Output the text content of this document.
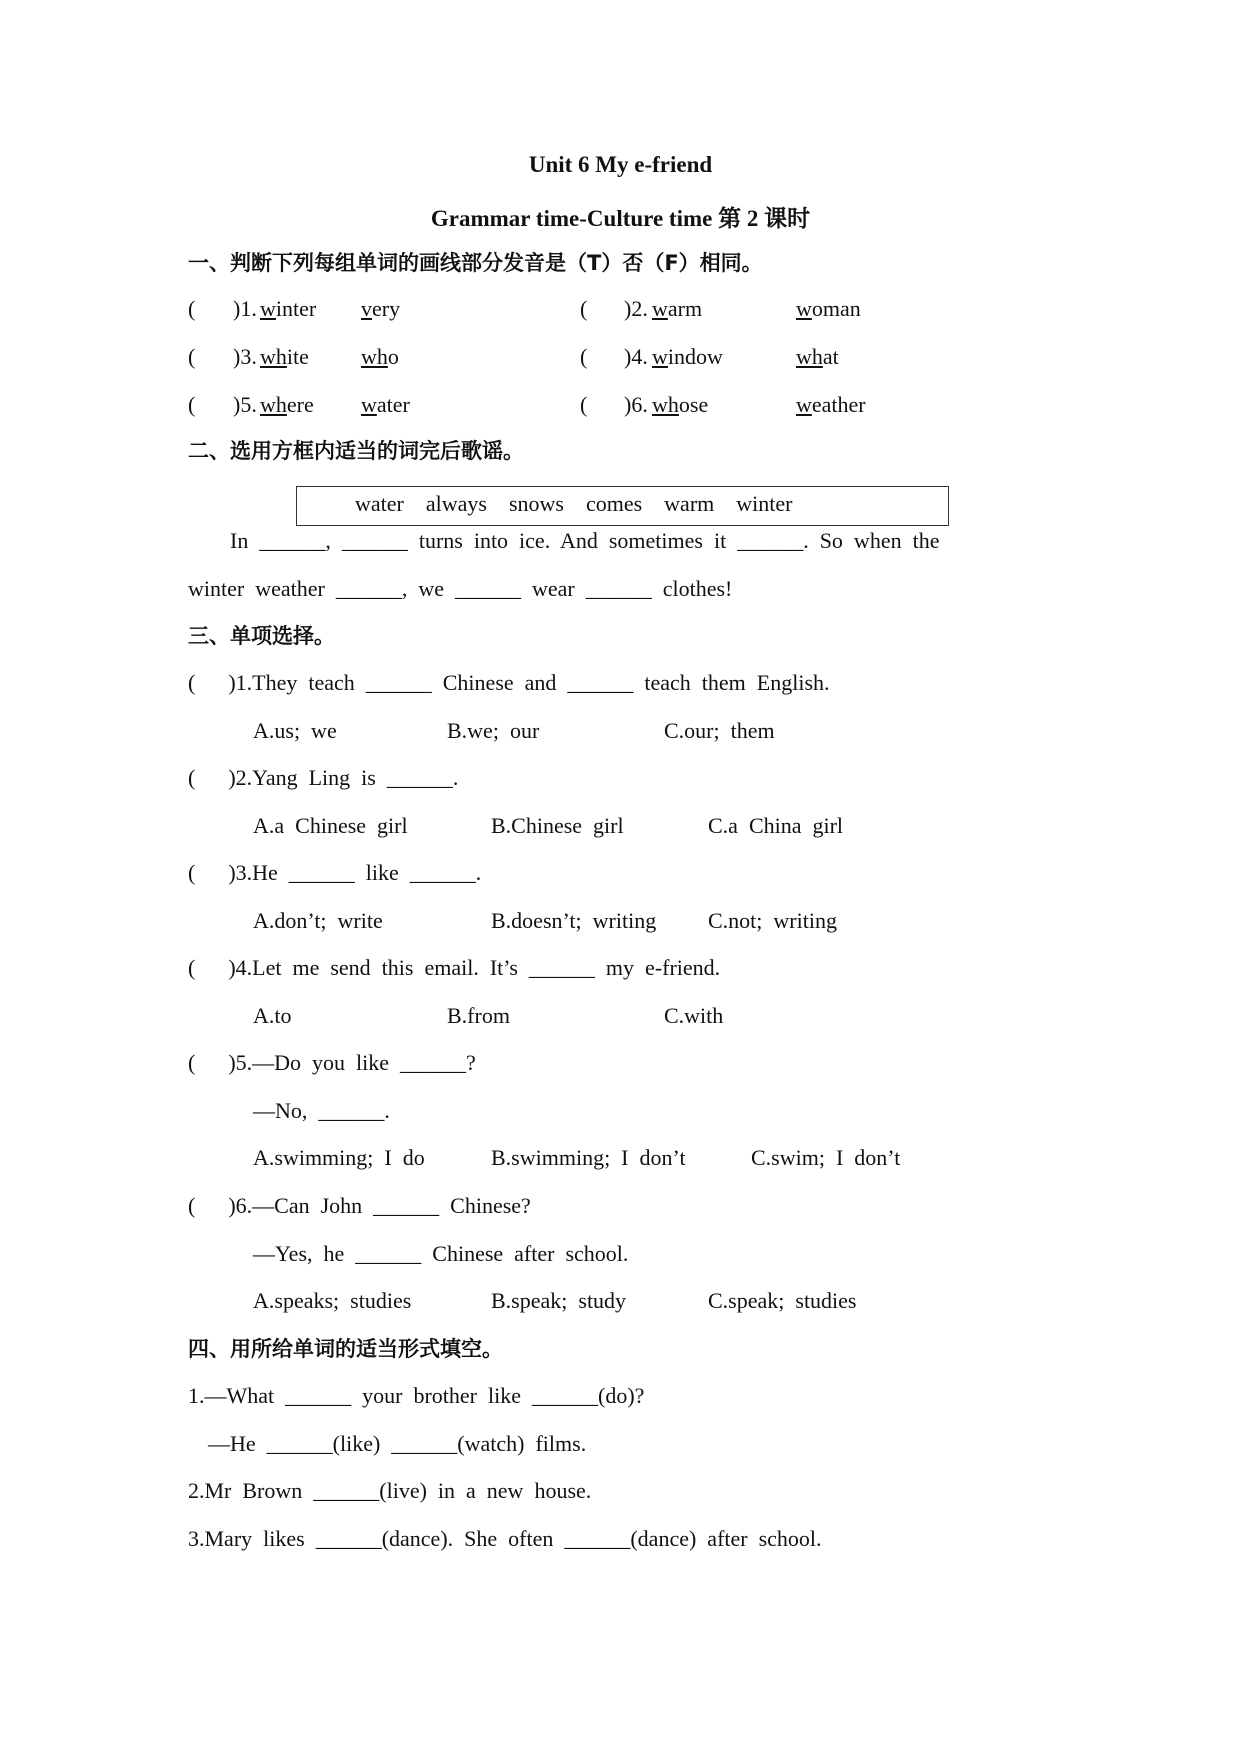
Unit 6 My e-friend
Grammar time-Culture time 第 2 课时
一、判断下列每组单词的画线部分发音是（T）否（F）相同。
( )1. winter very	( )2. warm	woman
( )3. white who	( )4. window	what
( )5. where water	( )6. whose	weather
二、选用方框内适当的词完后歌谣。
water    always    snows    comes    warm    winter
In  ______,  ______  turns  into  ice.  And  sometimes  it  ______.  So  when  the
winter  weather  ______,  we  ______  wear  ______  clothes!
三、单项选择。
(      )1.They  teach  ______  Chinese  and  ______  teach  them  English.
A.us;  we	B.we;  our	C.our;  them
(      )2.Yang  Ling  is  ______.
A.a  Chinese  girl	B.Chinese  girl	C.a  China  girl
(      )3.He  ______  like  ______.
A.don’t;  write	B.doesn’t;  writing C.not;  writing
(      )4.Let  me  send  this  email.  It’s  ______  my  e-friend.
A.to	B.from	C.with
(      )5.—Do  you  like  ______?
—No,  ______.
A.swimming;  I  do	B.swimming;  I  don’t	C.swim;  I  don’t
(      )6.—Can  John  ______  Chinese?
—Yes,  he  ______  Chinese  after  school.
A.speaks;  studies	B.speak;  study	C.speak;  studies
四、用所给单词的适当形式填空。
1.—What  ______  your  brother  like  ______(do)?
—He  ______(like)  ______(watch)  films.
2.Mr  Brown  ______(live)  in  a  new  house.
3.Mary  likes  ______(dance).  She  often  ______(dance)  after  school.
